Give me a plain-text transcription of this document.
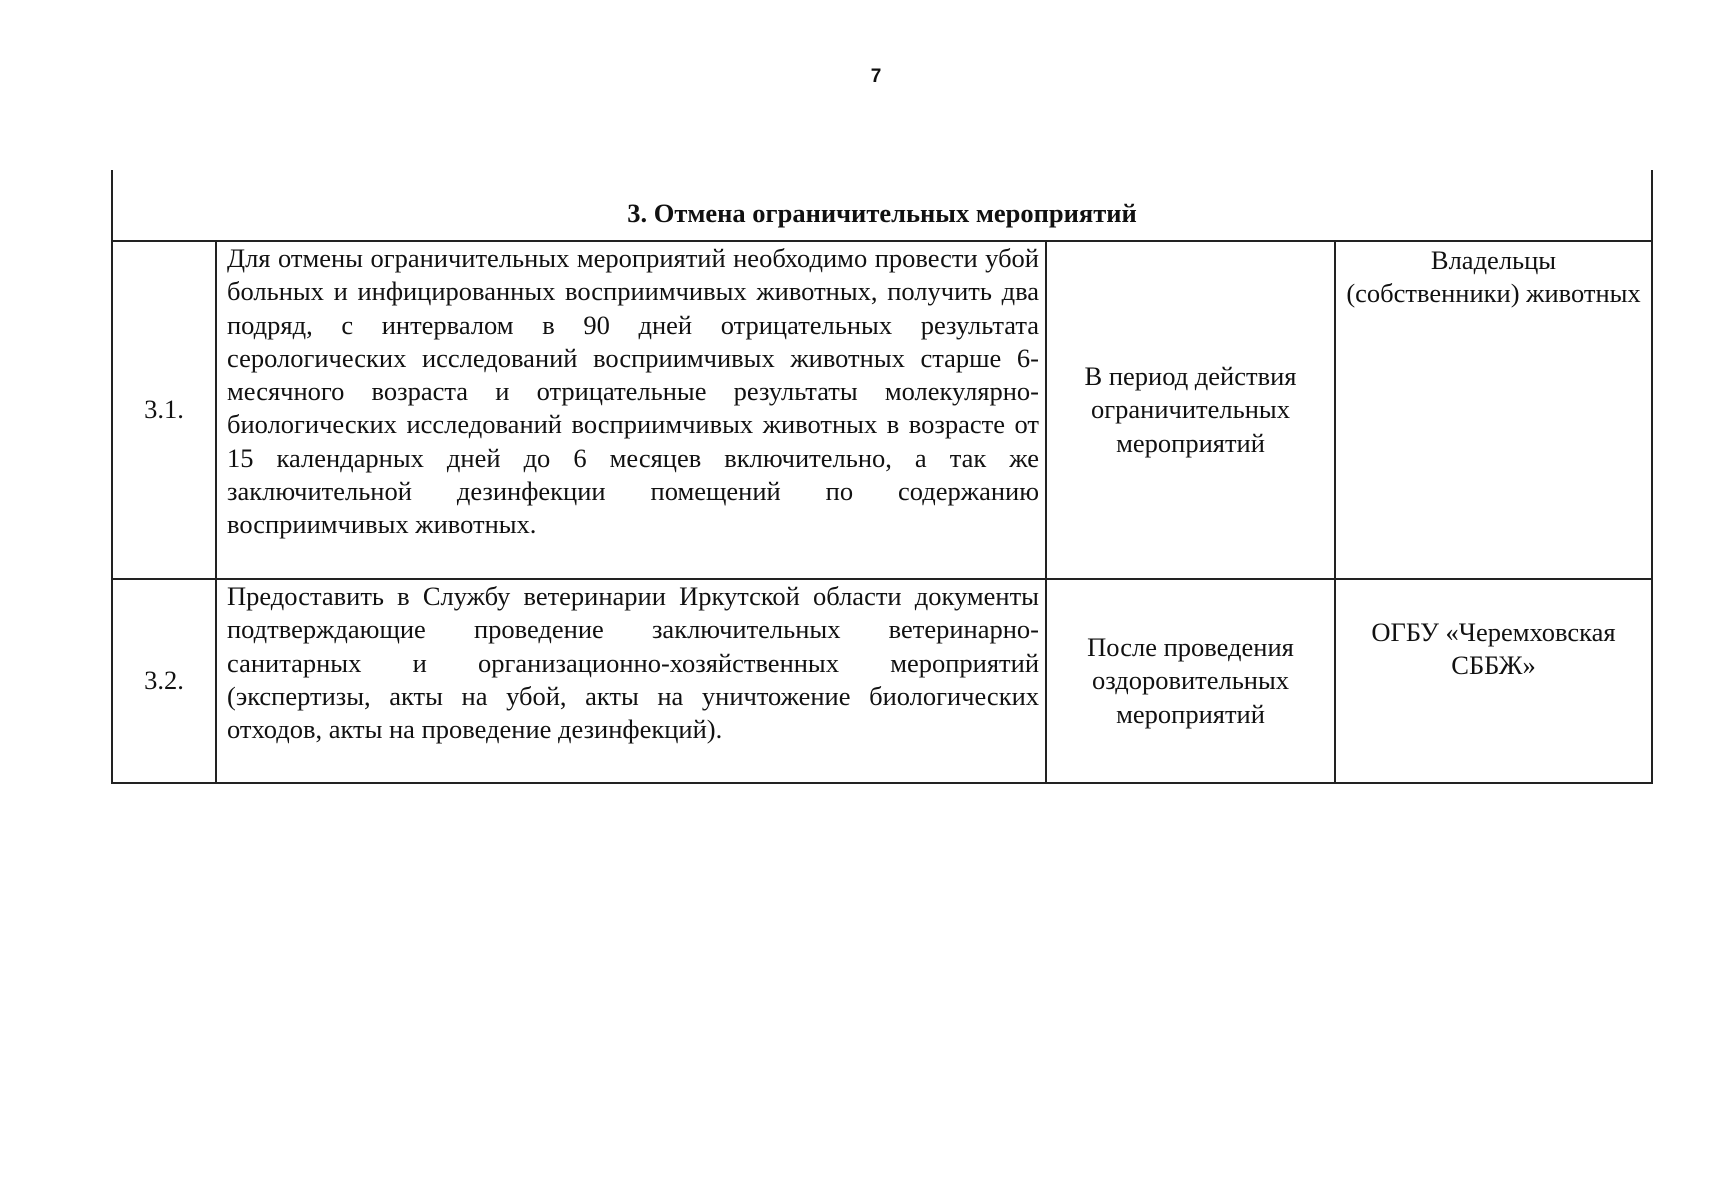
7
3. Отмена ограничительных мероприятий			
3.1.	Для отмены ограничительных мероприятий необходимо провести убой больных и инфицированных восприимчивых животных, получить два подряд, с интервалом в 90 дней отрицательных результата серологических исследований восприимчивых животных старше 6-месячного возраста и отрицательные результаты молекулярно-биологических исследований восприимчивых животных в возрасте от 15 календарных дней до 6 месяцев включительно, а так же заключительной дезинфекции помещений по содержанию восприимчивых животных.	В период действия ограничительных мероприятий	Владельцы (собственники) животных
3.2.	Предоставить в Службу ветеринарии Иркутской области документы подтверждающие проведение заключительных ветеринарно-санитарных и организационно-хозяйственных мероприятий (экспертизы, акты на убой, акты на уничтожение биологических отходов, акты на проведение дезинфекций).	После проведения оздоровительных мероприятий	ОГБУ «Черемховская СББЖ»
